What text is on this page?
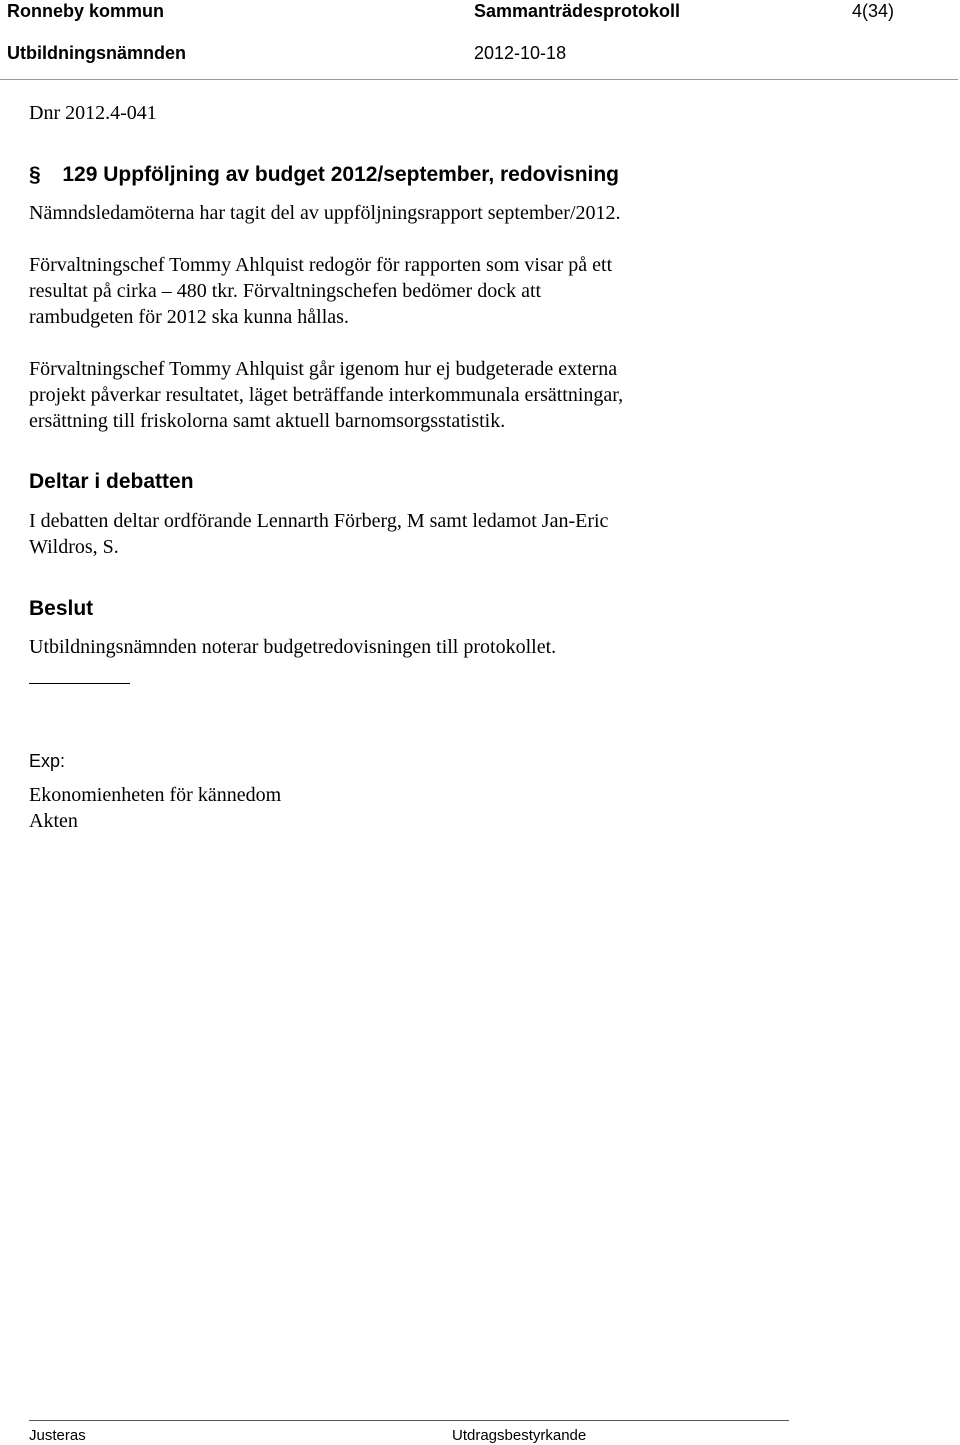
Ronneby kommun	Sammanträdesprotokoll	4(34)
Utbildningsnämnden	2012-10-18
Dnr 2012.4-041
§ 129 Uppföljning av budget 2012/september, redovisning
Nämndsledamöterna har tagit del av uppföljningsrapport september/2012.
Förvaltningschef Tommy Ahlquist redogör för rapporten som visar på ett
resultat på cirka – 480 tkr. Förvaltningschefen bedömer dock att
rambudgeten för 2012 ska kunna hållas.
Förvaltningschef Tommy Ahlquist går igenom hur ej budgeterade externa
projekt påverkar resultatet, läget beträffande interkommunala ersättningar,
ersättning till friskolorna samt aktuell barnomsorgsstatistik.
Deltar i debatten
I debatten deltar ordförande Lennarth Förberg, M samt ledamot Jan-Eric
Wildros, S.
Beslut
Utbildningsnämnden noterar budgetredovisningen till protokollet.
Exp:
Ekonomienheten för kännedom
Akten
Justeras	Utdragsbestyrkande
